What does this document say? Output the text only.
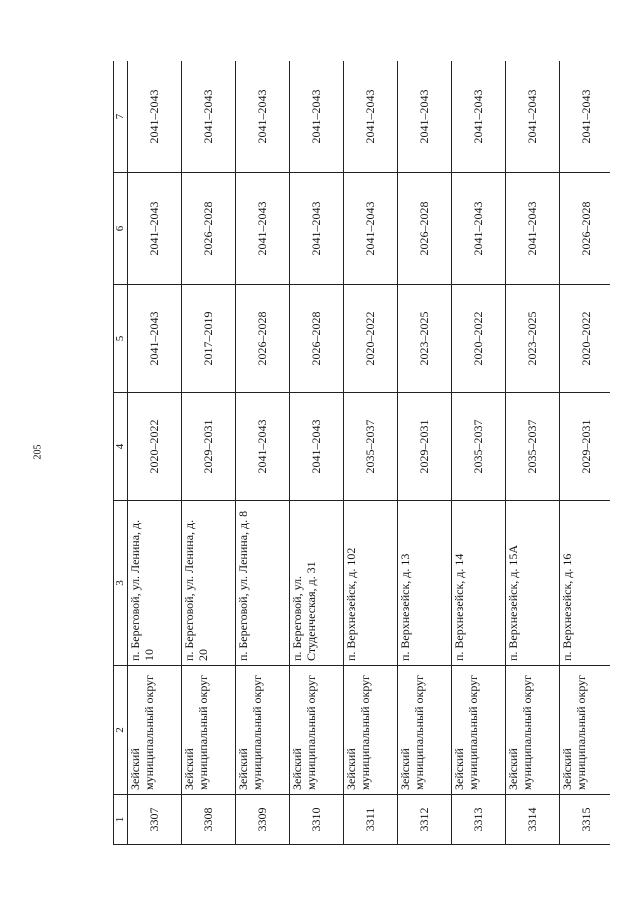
205
1	2	3	4	5	6	7
3307	Зейский муниципальный округ	п. Береговой, ул. Ленина, д. 10	2020–2022	2041–2043	2041–2043	2041–2043
3308	Зейский муниципальный округ	п. Береговой, ул. Ленина, д. 20	2029–2031	2017–2019	2026–2028	2041–2043
3309	Зейский муниципальный округ	п. Береговой, ул. Ленина, д. 8	2041–2043	2026–2028	2041–2043	2041–2043
3310	Зейский муниципальный округ	п. Береговой, ул. Студенческая, д. 31	2041–2043	2026–2028	2041–2043	2041–2043
3311	Зейский муниципальный округ	п. Верхнезейск, д. 102	2035–2037	2020–2022	2041–2043	2041–2043
3312	Зейский муниципальный округ	п. Верхнезейск, д. 13	2029–2031	2023–2025	2026–2028	2041–2043
3313	Зейский муниципальный округ	п. Верхнезейск, д. 14	2035–2037	2020–2022	2041–2043	2041–2043
3314	Зейский муниципальный округ	п. Верхнезейск, д. 15А	2035–2037	2023–2025	2041–2043	2041–2043
3315	Зейский муниципальный округ	п. Верхнезейск, д. 16	2029–2031	2020–2022	2026–2028	2041–2043
